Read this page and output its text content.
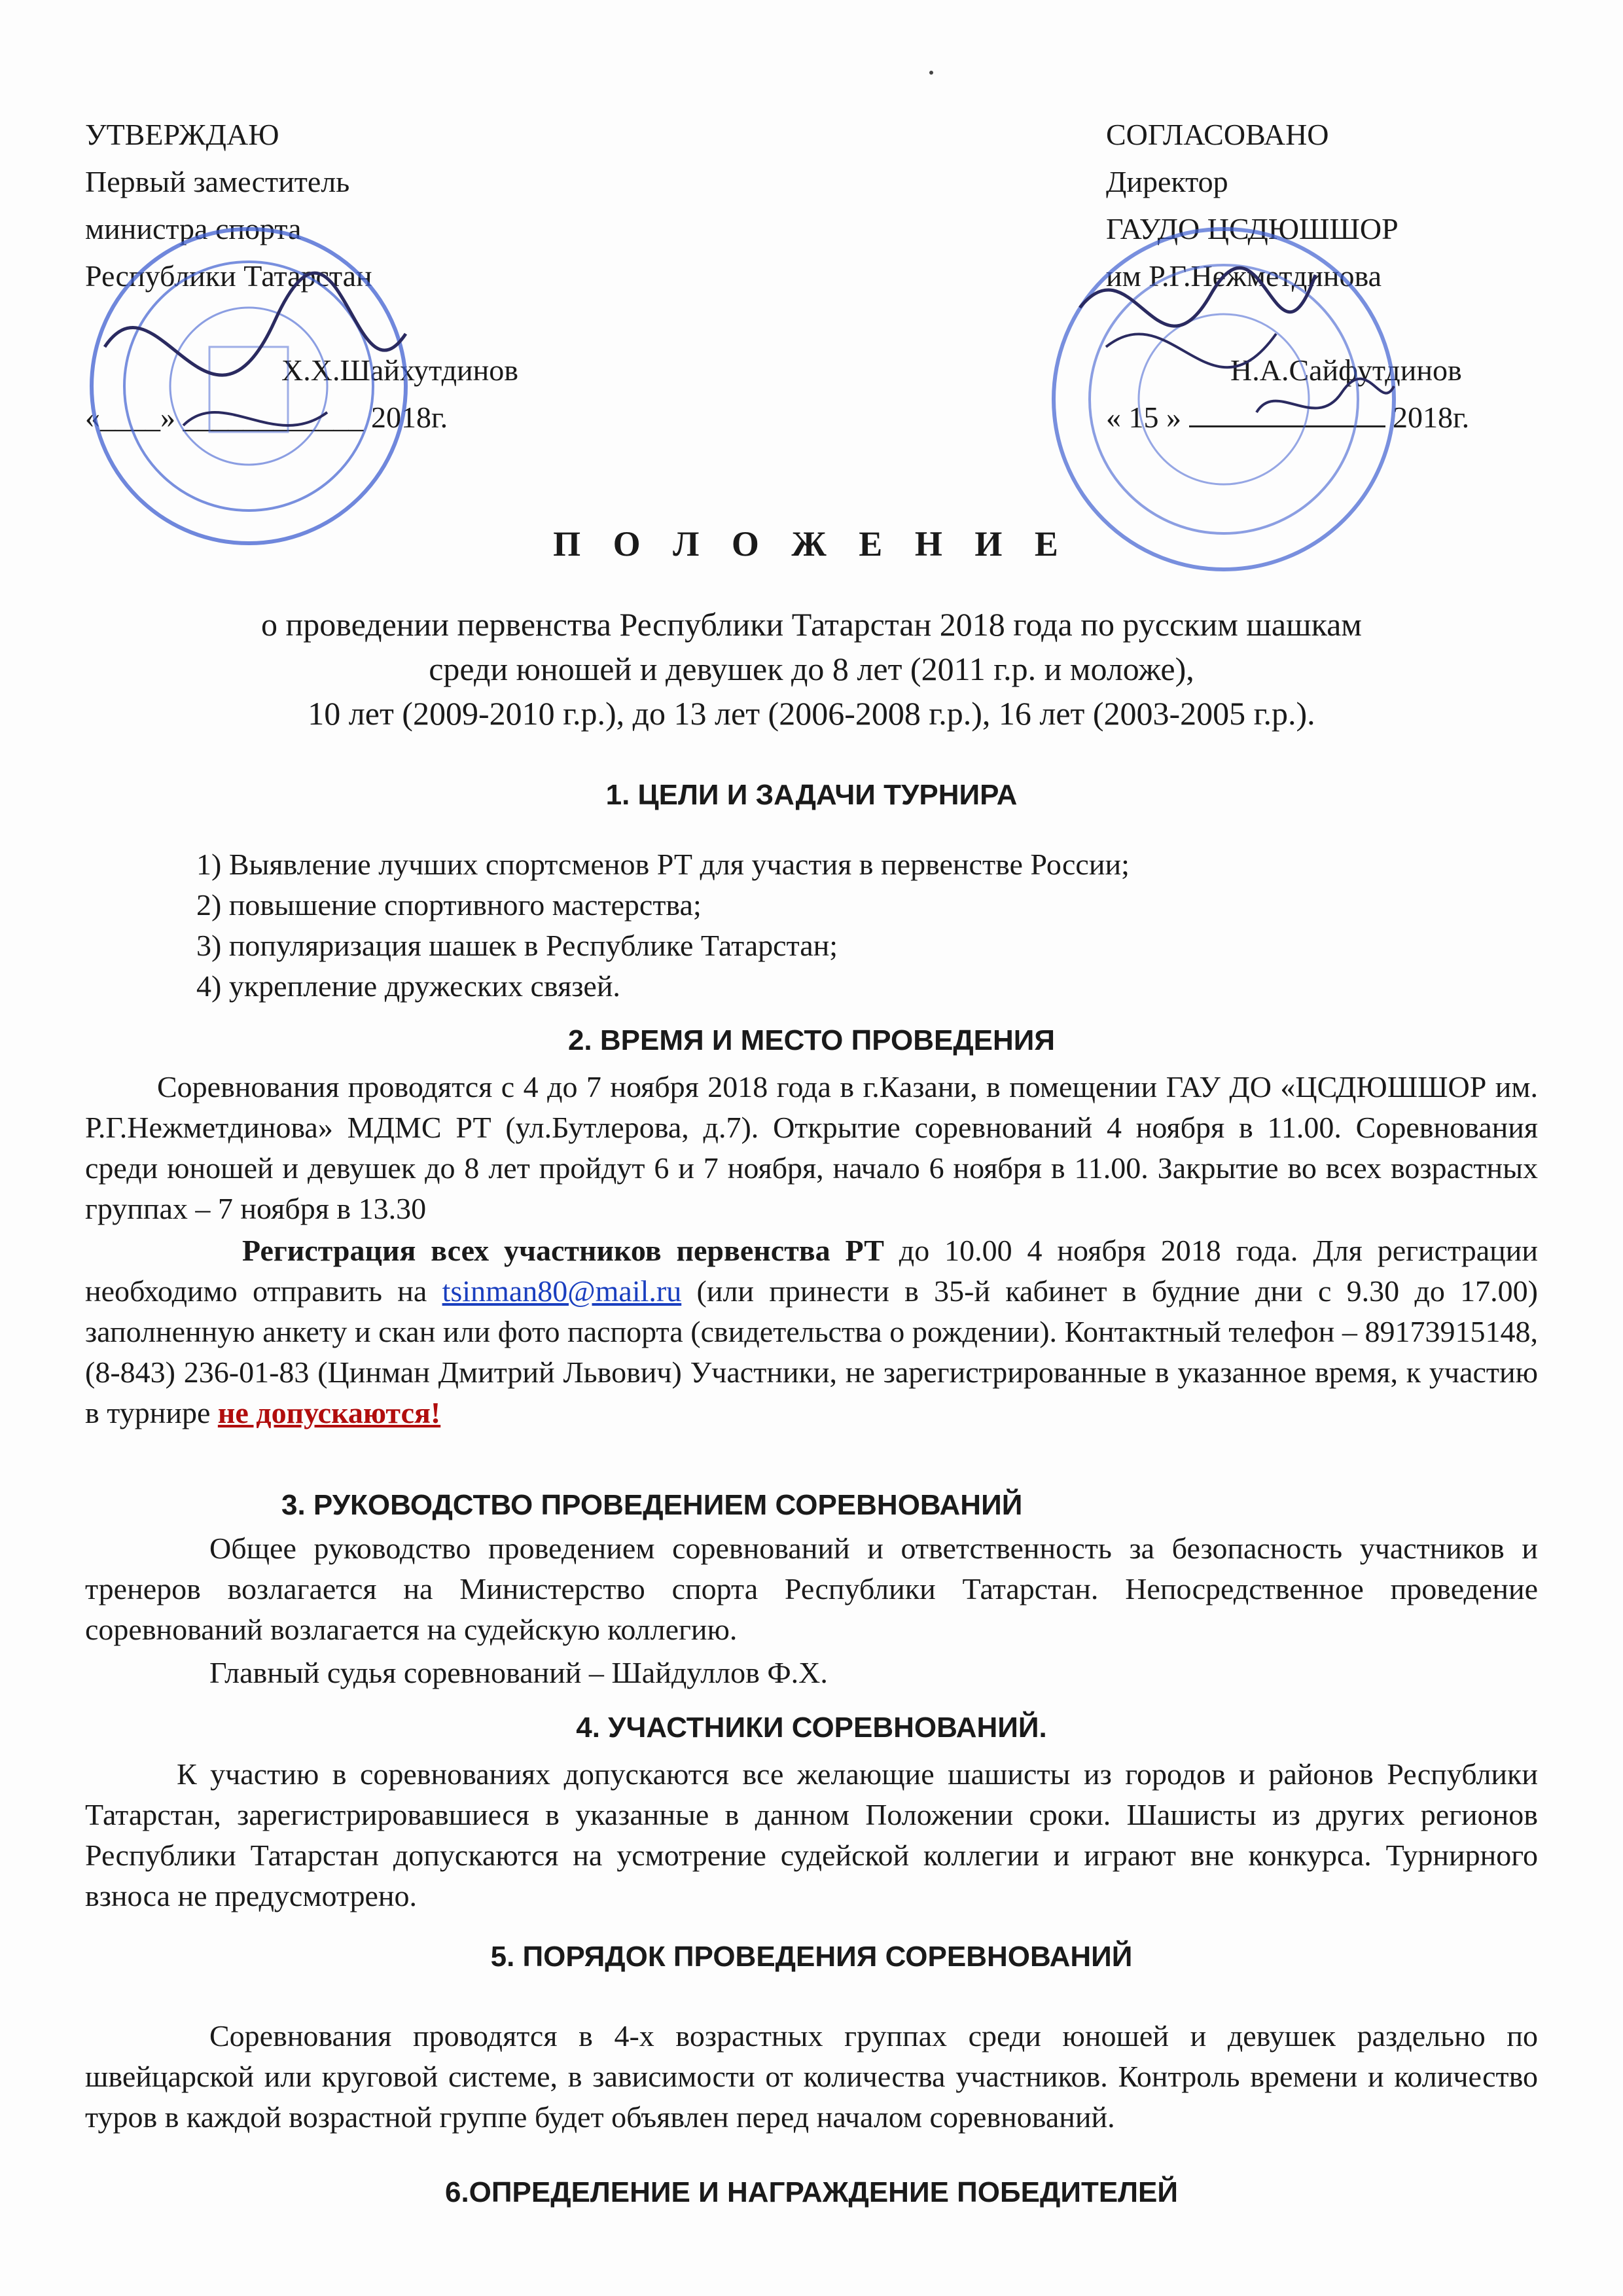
УТВЕРЖДАЮ
Первый заместитель
министра спорта
Республики Татарстан
Х.Х.Шайхутдинов
«____» ____________ 2018г.
СОГЛАСОВАНО
Директор
ГАУДО ЦСДЮШШОР
им Р.Г.Нежметдинова
Н.А.Сайфутдинов
« 15 »	2018г.
П О Л О Ж Е Н И Е
о проведении первенства Республики Татарстан 2018 года по русским шашкам
среди юношей и девушек до 8 лет (2011 г.р. и моложе),
10 лет (2009-2010 г.р.), до 13 лет (2006-2008 г.р.), 16 лет (2003-2005 г.р.).
1. ЦЕЛИ И ЗАДАЧИ ТУРНИРА
1) Выявление лучших спортсменов РТ для участия в первенстве России;
2) повышение спортивного мастерства;
3) популяризация шашек в Республике Татарстан;
4) укрепление дружеских связей.
2. ВРЕМЯ И МЕСТО ПРОВЕДЕНИЯ
Соревнования проводятся с 4 до 7 ноября 2018 года в г.Казани, в помещении ГАУ ДО «ЦСДЮШШОР им. Р.Г.Нежметдинова» МДМС РТ (ул.Бутлерова, д.7). Открытие соревнований 4 ноября в 11.00. Соревнования среди юношей и девушек до 8 лет пройдут 6 и 7 ноября, начало 6 ноября в 11.00. Закрытие во всех возрастных группах – 7 ноября в 13.30
Регистрация всех участников первенства РТ до 10.00 4 ноября 2018 года. Для регистрации необходимо отправить на tsinman80@mail.ru (или принести в 35-й кабинет в будние дни с 9.30 до 17.00) заполненную анкету и скан или фото паспорта (свидетельства о рождении). Контактный телефон – 89173915148, (8-843) 236-01-83 (Цинман Дмитрий Львович) Участники, не зарегистрированные в указанное время, к участию в турнире не допускаются!
3. РУКОВОДСТВО ПРОВЕДЕНИЕМ СОРЕВНОВАНИЙ
Общее руководство проведением соревнований и ответственность за безопасность участников и тренеров возлагается на Министерство спорта Республики Татарстан. Непосредственное проведение соревнований возлагается на судейскую коллегию.
Главный судья соревнований – Шайдуллов Ф.Х.
4. УЧАСТНИКИ СОРЕВНОВАНИЙ.
К участию в соревнованиях допускаются все желающие шашисты из городов и районов Республики Татарстан, зарегистрировавшиеся в указанные в данном Положении сроки. Шашисты из других регионов Республики Татарстан допускаются на усмотрение судейской коллегии и играют вне конкурса. Турнирного взноса не предусмотрено.
5. ПОРЯДОК ПРОВЕДЕНИЯ СОРЕВНОВАНИЙ
Соревнования проводятся в 4-х возрастных группах среди юношей и девушек раздельно по швейцарской или круговой системе, в зависимости от количества участников. Контроль времени и количество туров в каждой возрастной группе будет объявлен перед началом соревнований.
6.ОПРЕДЕЛЕНИЕ И НАГРАЖДЕНИЕ ПОБЕДИТЕЛЕЙ
